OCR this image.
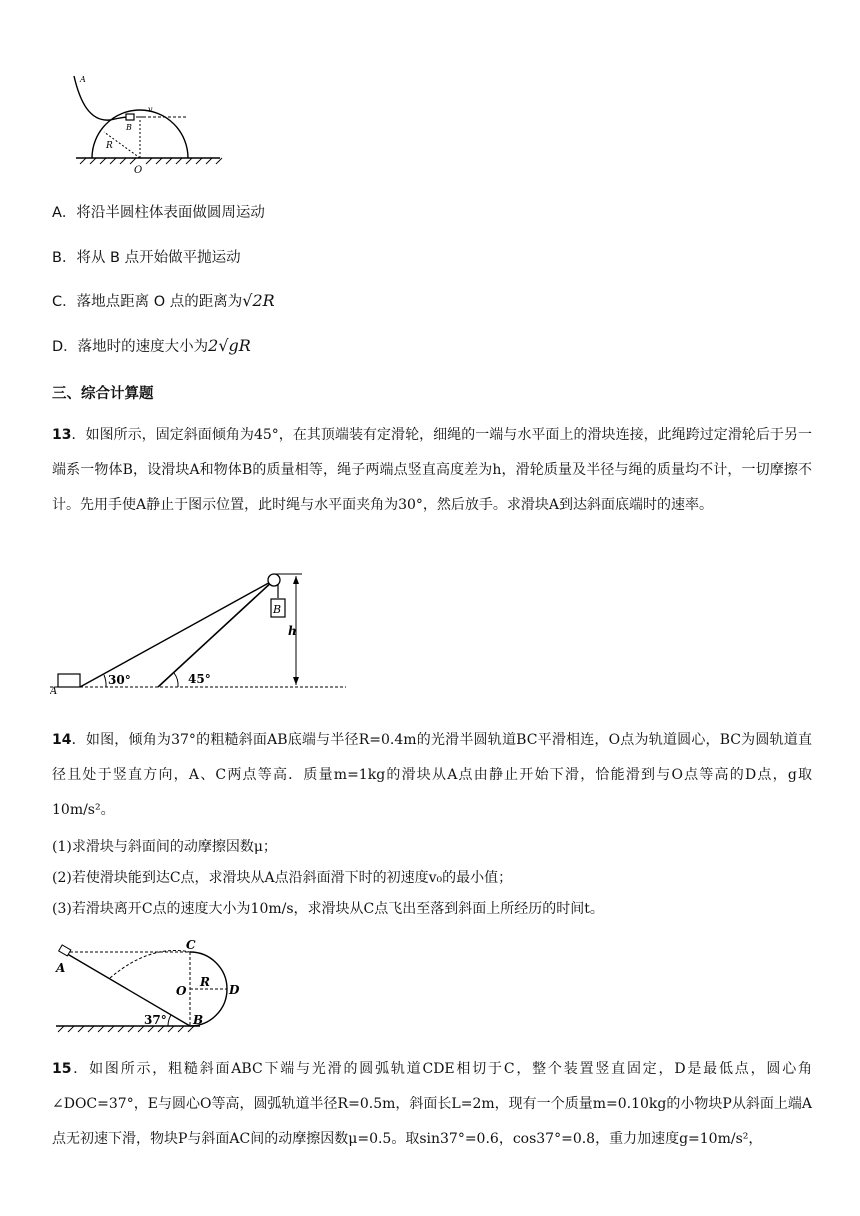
A
B
v
R
O
A．将沿半圆柱体表面做圆周运动
B．将从 B 点开始做平抛运动
C．落地点距离 O 点的距离为√2R
D．落地时的速度大小为2√gR
三、综合计算题

13．如图所示，固定斜面倾角为45°，在其顶端装有定滑轮，细绳的一端与水平面上的滑块连接，此绳跨过定滑轮后于另一端系一物体B，设滑块A和物体B的质量相等，绳子两端点竖直高度差为h，滑轮质量及半径与绳的质量均不计，一切摩擦不计。先用手使A静止于图示位置，此时绳与水平面夹角为30°，然后放手。求滑块A到达斜面底端时的速率。

30°	45°
h
B
A

14．如图，倾角为37°的粗糙斜面AB底端与半径R=0.4m的光滑半圆轨道BC平滑相连，O点为轨道圆心，BC为圆轨道直径且处于竖直方向，A、C两点等高．质量m=1kg的滑块从A点由静止开始下滑，恰能滑到与O点等高的D点，g取10m/s²。

(1)求滑块与斜面间的动摩擦因数μ；
(2)若使滑块能到达C点，求滑块从A点沿斜面滑下时的初速度v₀的最小值；
(3)若滑块离开C点的速度大小为10m/s，求滑块从C点飞出至落到斜面上所经历的时间t。
A
C
O
R
D
B
37°

15．如图所示，粗糙斜面ABC下端与光滑的圆弧轨道CDE相切于C，整个装置竖直固定，D是最低点，圆心角∠DOC=37°，E与圆心O等高，圆弧轨道半径R=0.5m，斜面长L=2m，现有一个质量m=0.10kg的小物块P从斜面上端A点无初速下滑，物块P与斜面AC间的动摩擦因数μ=0.5。取sin37°=0.6，cos37°=0.8，重力加速度g=10m/s²，
